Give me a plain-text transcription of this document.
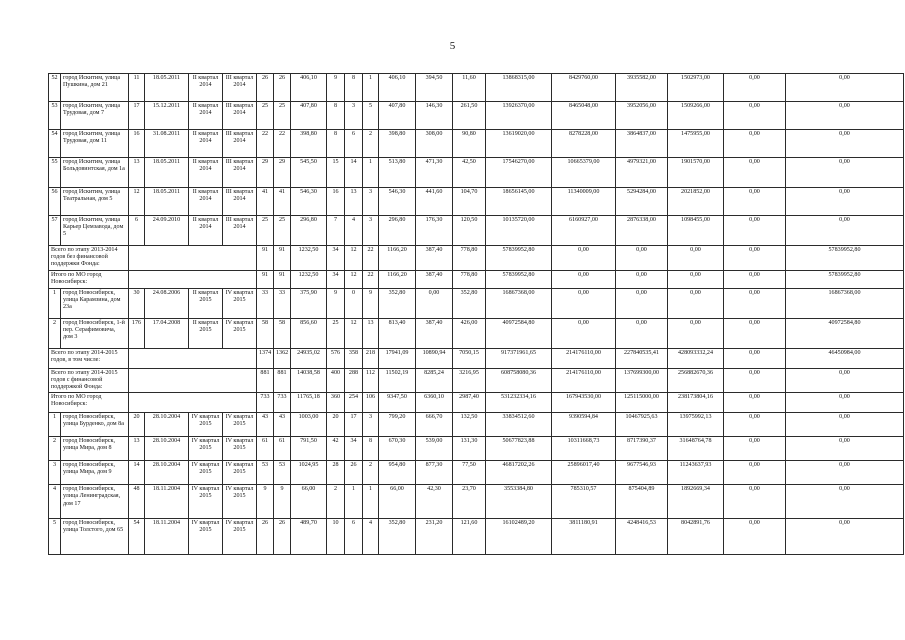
5
52	город Искитим, улица Пушкина, дом 21	11	18.05.2011	II квартал 2014	III квартал 2014	26	26	406,10	9	8	1	406,10	394,50	11,60	13868315,00	8429760,00	3935582,00	1502973,00	0,00	0,00
53	город Искитим, улица Трудовая, дом 7	17	15.12.2011	II квартал 2014	III квартал 2014	25	25	407,80	8	3	5	407,80	146,30	261,50	13926370,00	8465048,00	3952056,00	1509266,00	0,00	0,00
54	город Искитим, улица Трудовая, дом 11	16	31.08.2011	II квартал 2014	III квартал 2014	22	22	398,80	8	6	2	398,80	308,00	90,80	13619020,00	8278228,00	3864837,00	1475955,00	0,00	0,00
55	город Искитим, улица Больдовинтская, дом 1а	13	18.05.2011	II квартал 2014	III квартал 2014	29	29	545,50	15	14	1	513,80	471,30	42,50	17546270,00	10665379,00	4979321,00	1901570,00	0,00	0,00
56	город Искитим, улица Театральная, дом 5	12	18.05.2011	II квартал 2014	III квартал 2014	41	41	546,30	16	13	3	546,30	441,60	104,70	18656145,00	11340009,00	5294284,00	2021852,00	0,00	0,00
57	город Искитим, улица Карьер Цемзавода, дом 5	6	24.09.2010	II квартал 2014	III квартал 2014	25	25	296,80	7	4	3	296,80	176,30	120,50	10135720,00	6160927,00	2876338,00	1098455,00	0,00	0,00
Всего по этапу 2013-2014 годов без финансовой поддержки Фонда:						91	91	1232,50	34	12	22	1166,20	387,40	778,80	57839952,80	0,00	0,00	0,00	0,00	57839952,80
Итого по МО город Новосибирск:						91	91	1232,50	34	12	22	1166,20	387,40	778,80	57839952,80	0,00	0,00	0,00	0,00	57839952,80
1	город Новосибирск, улица Карамзина, дом 23а	30	24.08.2006	II квартал 2015	IV квартал 2015	33	33	375,90	9	0	9	352,80	0,00	352,80	16867368,00	0,00	0,00	0,00	0,00	16867368,00
2	город Новосибирск, 1-й пер. Серафимовича, дом 3	176	17.04.2008	II квартал 2015	IV квартал 2015	58	58	856,60	25	12	13	813,40	387,40	426,00	40972584,80	0,00	0,00	0,00	0,00	40972584,80
Всего по этапу 2014-2015 годов, в том числе:						1374	1362	24935,02	576	358	218	17941,09	10890,94	7050,15	917371961,65	214176110,00	227840535,41	428093332,24	0,00	46450984,00
Всего по этапу 2014-2015 годов с финансовой поддержкой Фонда:						881	881	14038,58	400	288	112	11502,19	8285,24	3216,95	608758080,36	214176110,00	137699300,00	256882670,36	0,00	0,00
Итого по МО город Новосибирск:						733	733	11765,18	360	254	106	9347,50	6360,10	2987,40	531232334,16	167943530,00	125115000,00	238173804,16	0,00	0,00
1	город Новосибирск, улица Бурденко, дом 8а	20	28.10.2004	IV квартал 2015	IV квартал 2015	43	43	1003,00	20	17	3	799,20	666,70	132,50	33834512,60	9390594,84	10467925,63	13975992,13	0,00	0,00
2	город Новосибирск, улица Мира, дом 8	13	28.10.2004	IV квартал 2015	IV квартал 2015	61	61	791,50	42	34	8	670,30	539,00	131,30	50677823,88	10311668,73	8717390,37	31648764,78	0,00	0,00
3	город Новосибирск, улица Мира, дом 9	14	28.10.2004	IV квартал 2015	IV квартал 2015	53	53	1024,95	28	26	2	954,80	877,30	77,50	46817202,26	25896017,40	9677546,93	11243637,93	0,00	0,00
4	город Новосибирск, улица Ленинградская, дом 17	48	18.11.2004	IV квартал 2015	IV квартал 2015	9	9	66,00	2	1	1	66,00	42,30	23,70	3553384,80	785310,57	875404,89	1892669,34	0,00	0,00
5	город Новосибирск, улица Толстого, дом 65	54	18.11.2004	IV квартал 2015	IV квартал 2015	26	26	489,70	10	6	4	352,80	231,20	121,60	16102489,20	3811180,91	4248416,53	8042891,76	0,00	0,00
